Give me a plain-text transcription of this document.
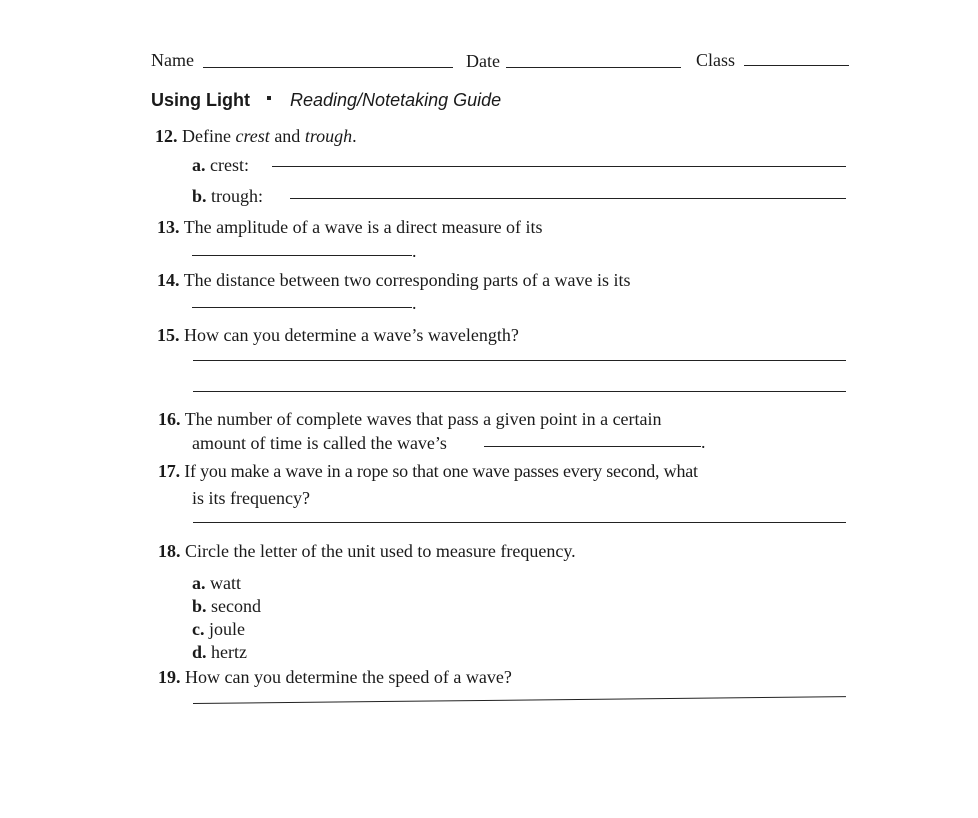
Name	Date	Class
Using Light Reading/Notetaking Guide
12. Define crest and trough.
a. crest:
b. trough:
13. The amplitude of a wave is a direct measure of its
.
14. The distance between two corresponding parts of a wave is its
.
15. How can you determine a wave’s wavelength?
16. The number of complete waves that pass a given point in a certain
amount of time is called the wave’s	.
17. If you make a wave in a rope so that one wave passes every second, what
is its frequency?
18. Circle the letter of the unit used to measure frequency.
a. watt
b. second
c. joule
d. hertz
19. How can you determine the speed of a wave?
